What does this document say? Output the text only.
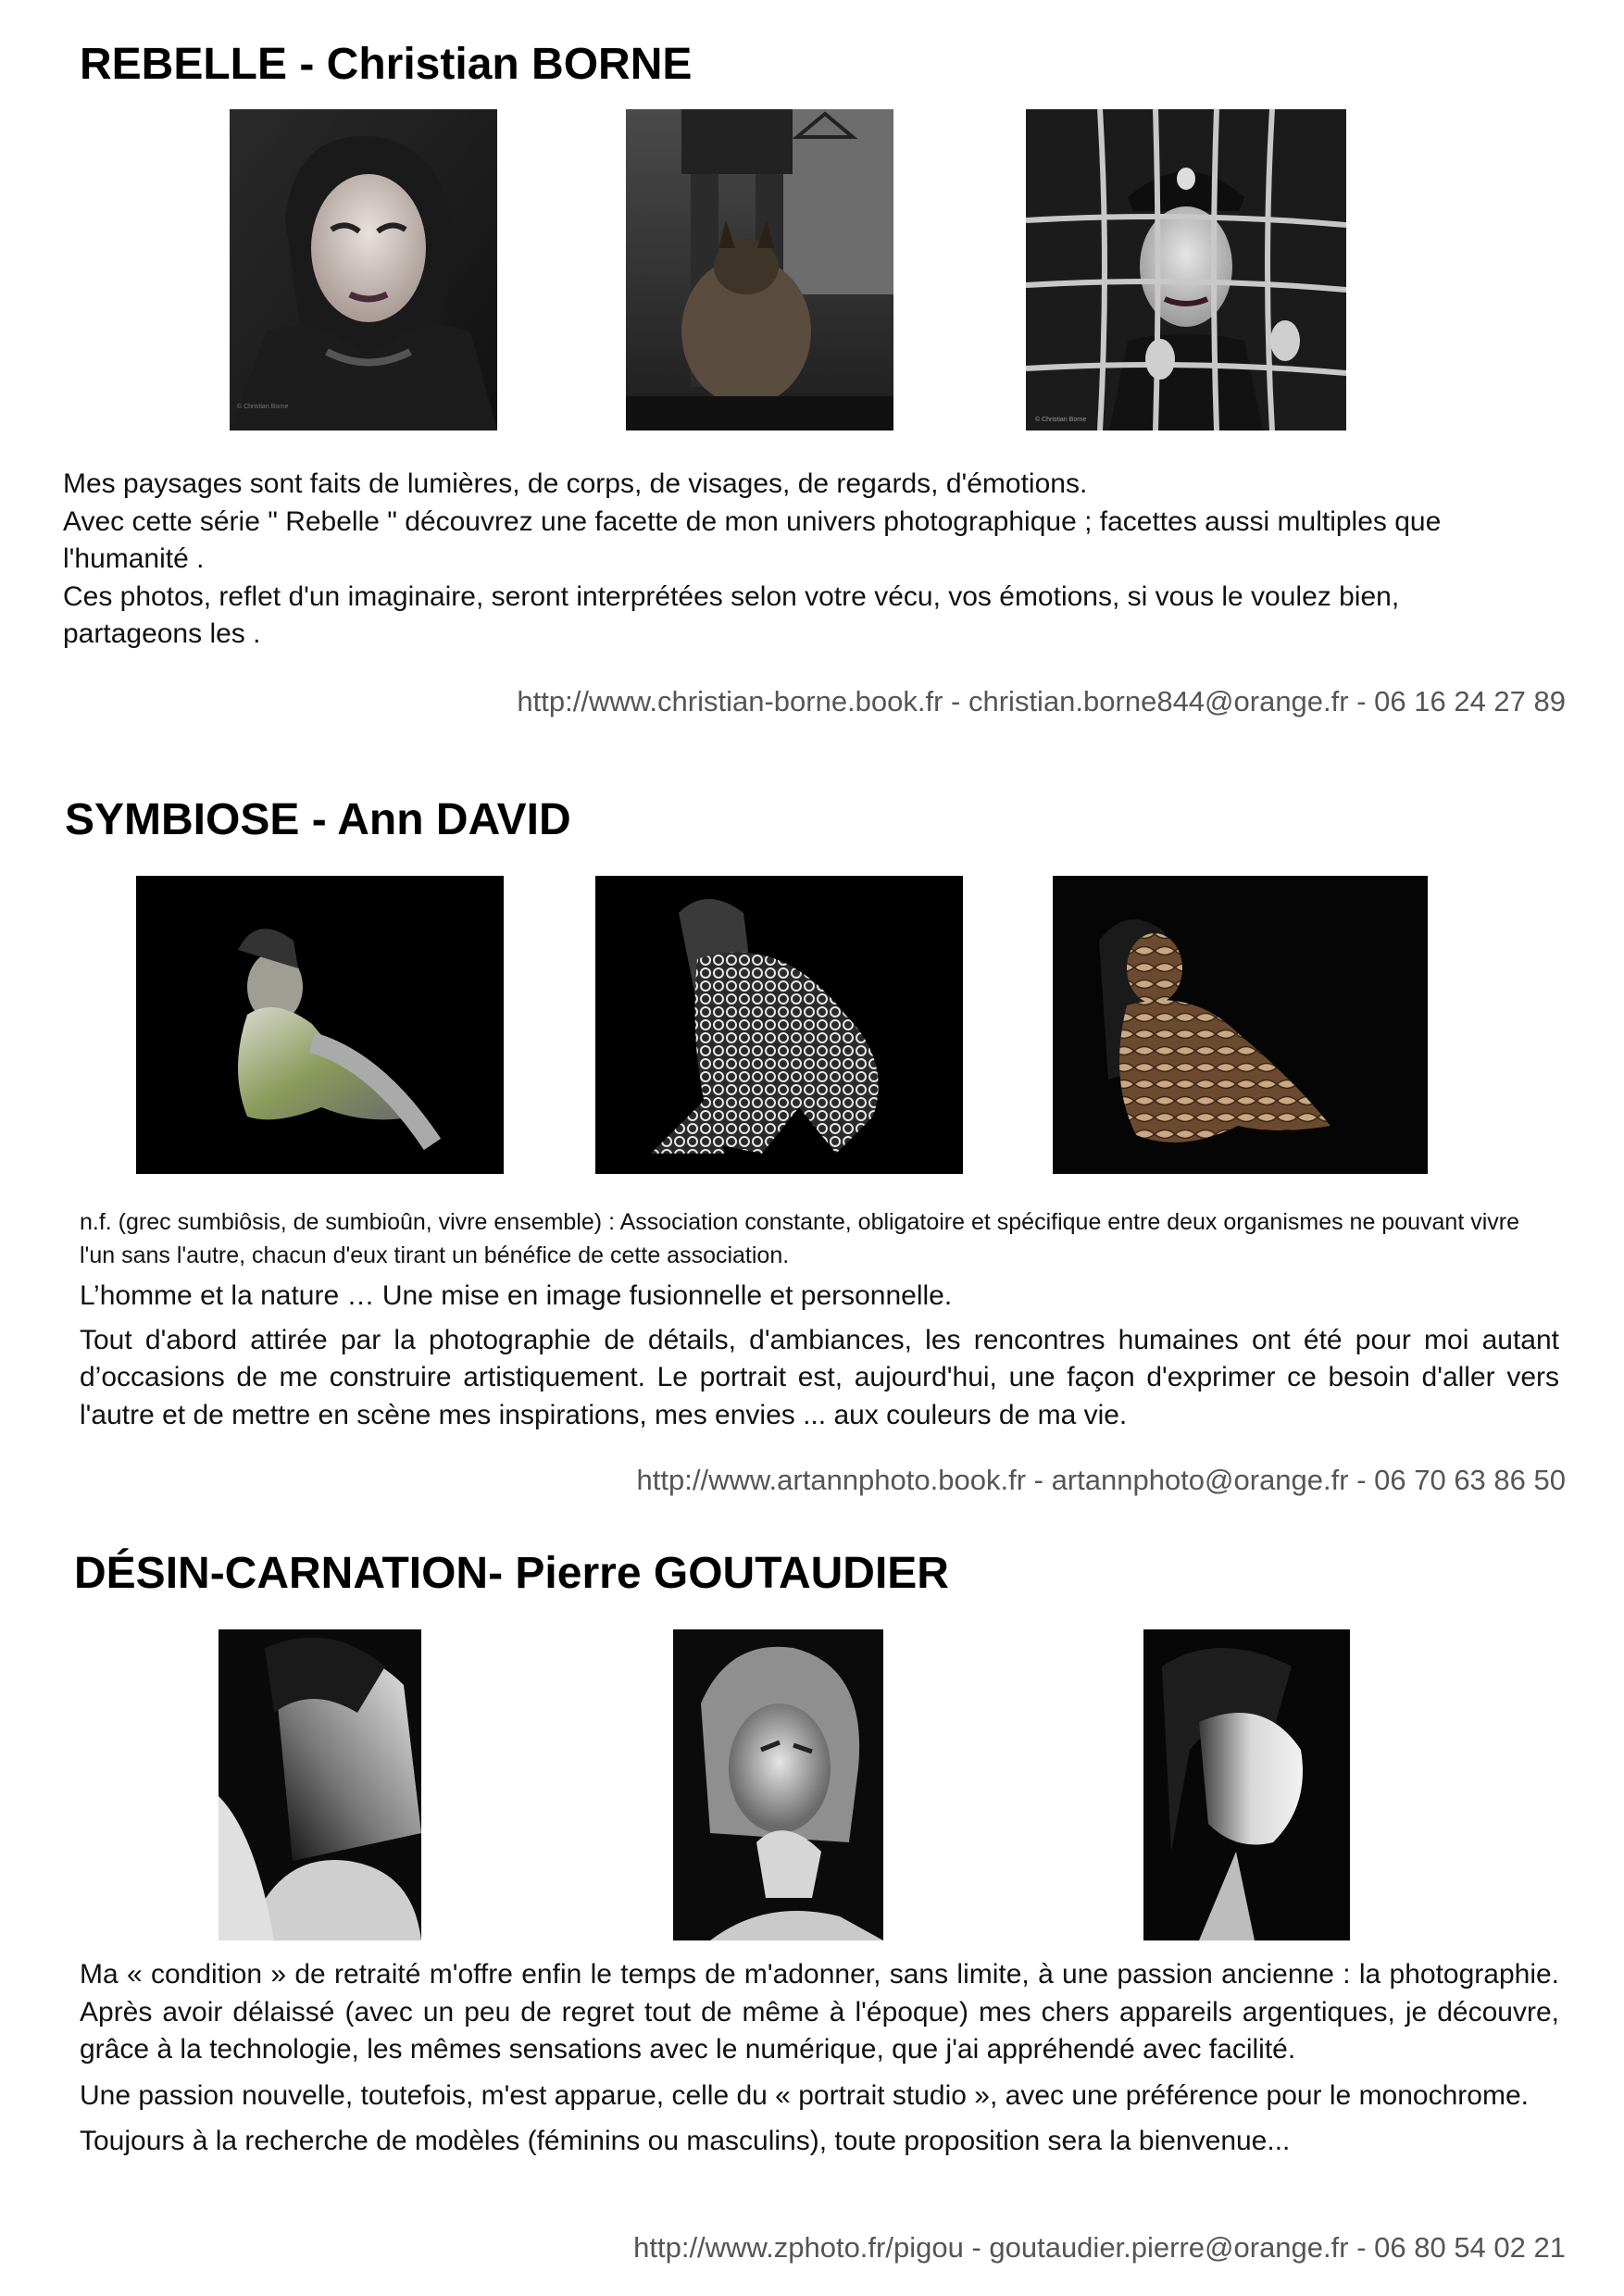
REBELLE - Christian BORNE
© Christian Borne
© Christian Borne

Mes paysages sont faits de lumières, de corps, de visages, de regards, d'émotions.

Avec cette série " Rebelle " découvrez une facette de mon univers photographique ; facettes aussi multiples que l'humanité .

Ces photos, reflet d'un imaginaire, seront interprétées selon votre vécu, vos émotions, si vous le voulez bien, partageons les .

http://www.christian-borne.book.fr - christian.borne844@orange.fr - 06 16 24 27 89
SYMBIOSE - Ann DAVID
n.f. (grec sumbiôsis, de sumbioûn, vivre ensemble) : Association constante, obligatoire et spécifique entre deux organismes ne pouvant vivre l'un sans l'autre, chacun d'eux tirant un bénéfice de cette association.

L’homme et la nature … Une mise en image fusionnelle et personnelle.

Tout d'abord attirée par la photographie de détails, d'ambiances, les rencontres humaines ont été pour moi autant d’occasions de me construire artistiquement. Le portrait est, aujourd'hui, une façon d'exprimer ce besoin d'aller vers l'autre et de mettre en scène mes inspirations, mes envies ... aux couleurs de ma vie.

http://www.artannphoto.book.fr - artannphoto@orange.fr - 06 70 63 86 50
DÉSIN-CARNATION- Pierre GOUTAUDIER

Ma « condition » de retraité m'offre enfin le temps de m'adonner, sans limite, à une passion ancienne : la photographie. Après avoir délaissé (avec un peu de regret tout de même à l'époque) mes chers appareils argentiques, je découvre, grâce à la technologie, les mêmes sensations avec le numérique, que j'ai appréhendé avec facilité.

Une passion nouvelle, toutefois, m'est apparue, celle du « portrait studio », avec une préférence pour le monochrome.

Toujours à la recherche de modèles (féminins ou masculins), toute proposition sera la bienvenue...

http://www.zphoto.fr/pigou - goutaudier.pierre@orange.fr - 06 80 54 02 21
